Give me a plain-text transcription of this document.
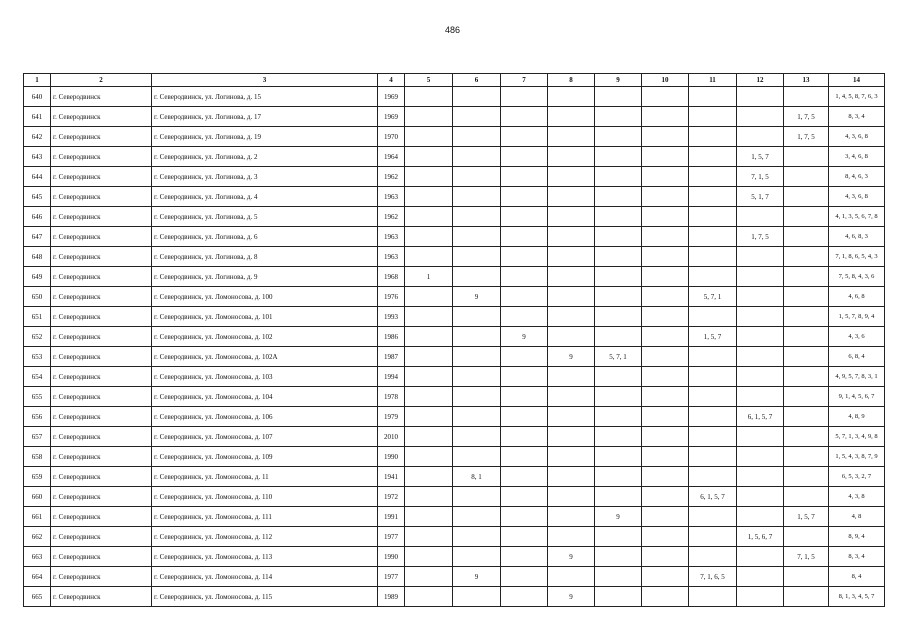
486
1	2	3	4	5	6	7	8	9	10	11	12	13	14
640	г. Северодвинск	г. Северодвинск, ул. Логинова, д. 15	1969										1, 4, 5, 8, 7, 6, 3
641	г. Северодвинск	г. Северодвинск, ул. Логинова, д. 17	1969									1, 7, 5	8, 3, 4
642	г. Северодвинск	г. Северодвинск, ул. Логинова, д. 19	1970									1, 7, 5	4, 3, 6, 8
643	г. Северодвинск	г. Северодвинск, ул. Логинова, д. 2	1964								1, 5, 7		3, 4, 6, 8
644	г. Северодвинск	г. Северодвинск, ул. Логинова, д. 3	1962								7, 1, 5		8, 4, 6, 3
645	г. Северодвинск	г. Северодвинск, ул. Логинова, д. 4	1963								5, 1, 7		4, 3, 6, 8
646	г. Северодвинск	г. Северодвинск, ул. Логинова, д. 5	1962										4, 1, 3, 5, 6, 7, 8
647	г. Северодвинск	г. Северодвинск, ул. Логинова, д. 6	1963								1, 7, 5		4, 6, 8, 3
648	г. Северодвинск	г. Северодвинск, ул. Логинова, д. 8	1963										7, 1, 8, 6, 5, 4, 3
649	г. Северодвинск	г. Северодвинск, ул. Логинова, д. 9	1968	1									7, 5, 8, 4, 3, 6
650	г. Северодвинск	г. Северодвинск, ул. Ломоносова, д. 100	1976		9					5, 7, 1			4, 6, 8
651	г. Северодвинск	г. Северодвинск, ул. Ломоносова, д. 101	1993										1, 5, 7, 8, 9, 4
652	г. Северодвинск	г. Северодвинск, ул. Ломоносова, д. 102	1986			9				1, 5, 7			4, 3, 6
653	г. Северодвинск	г. Северодвинск, ул. Ломоносова, д. 102А	1987				9	5, 7, 1					6, 8, 4
654	г. Северодвинск	г. Северодвинск, ул. Ломоносова, д. 103	1994										4, 9, 5, 7, 8, 3, 1
655	г. Северодвинск	г. Северодвинск, ул. Ломоносова, д. 104	1978										9, 1, 4, 5, 6, 7
656	г. Северодвинск	г. Северодвинск, ул. Ломоносова, д. 106	1979								6, 1, 5, 7		4, 8, 9
657	г. Северодвинск	г. Северодвинск, ул. Ломоносова, д. 107	2010										5, 7, 1, 3, 4, 9, 8
658	г. Северодвинск	г. Северодвинск, ул. Ломоносова, д. 109	1990										1, 5, 4, 3, 8, 7, 9
659	г. Северодвинск	г. Северодвинск, ул. Ломоносова, д. 11	1941		8, 1								6, 5, 3, 2, 7
660	г. Северодвинск	г. Северодвинск, ул. Ломоносова, д. 110	1972							6, 1, 5, 7			4, 3, 8
661	г. Северодвинск	г. Северодвинск, ул. Ломоносова, д. 111	1991					9				1, 5, 7	4, 8
662	г. Северодвинск	г. Северодвинск, ул. Ломоносова, д. 112	1977								1, 5, 6, 7		8, 9, 4
663	г. Северодвинск	г. Северодвинск, ул. Ломоносова, д. 113	1990				9					7, 1, 5	8, 3, 4
664	г. Северодвинск	г. Северодвинск, ул. Ломоносова, д. 114	1977		9					7, 1, 6, 5			8, 4
665	г. Северодвинск	г. Северодвинск, ул. Ломоносова, д. 115	1989				9						8, 1, 3, 4, 5, 7
